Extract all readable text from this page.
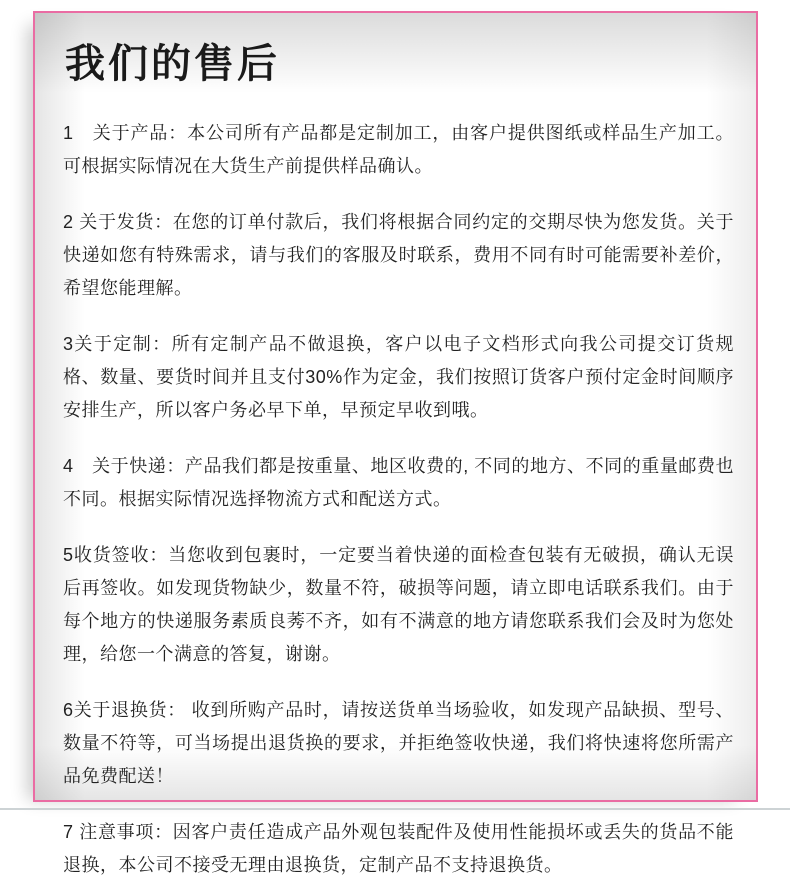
我们的售后

1　关于产品：本公司所有产品都是定制加工，由客户提供图纸或样品生产加工。可根据实际情况在大货生产前提供样品确认。

2 关于发货：在您的订单付款后，我们将根据合同约定的交期尽快为您发货。关于快递如您有特殊需求，请与我们的客服及时联系，费用不同有时可能需要补差价，希望您能理解。

3关于定制：所有定制产品不做退换，客户以电子文档形式向我公司提交订货规格、数量、要货时间并且支付30%作为定金，我们按照订货客户预付定金时间顺序安排生产，所以客户务必早下单，早预定早收到哦。

4　关于快递：产品我们都是按重量、地区收费的, 不同的地方、不同的重量邮费也不同。根据实际情况选择物流方式和配送方式。

5收货签收：当您收到包裹时，一定要当着快递的面检查包装有无破损，确认无误后再签收。如发现货物缺少，数量不符，破损等问题，请立即电话联系我们。由于每个地方的快递服务素质良莠不齐，如有不满意的地方请您联系我们会及时为您处理，给您一个满意的答复，谢谢。

6关于退换货： 收到所购产品时，请按送货单当场验收，如发现产品缺损、型号、数量不符等，可当场提出退货换的要求，并拒绝签收快递，我们将快速将您所需产品免费配送！

7 注意事项：因客户责任造成产品外观包装配件及使用性能损坏或丢失的货品不能退换，本公司不接受无理由退换货，定制产品不支持退换货。
